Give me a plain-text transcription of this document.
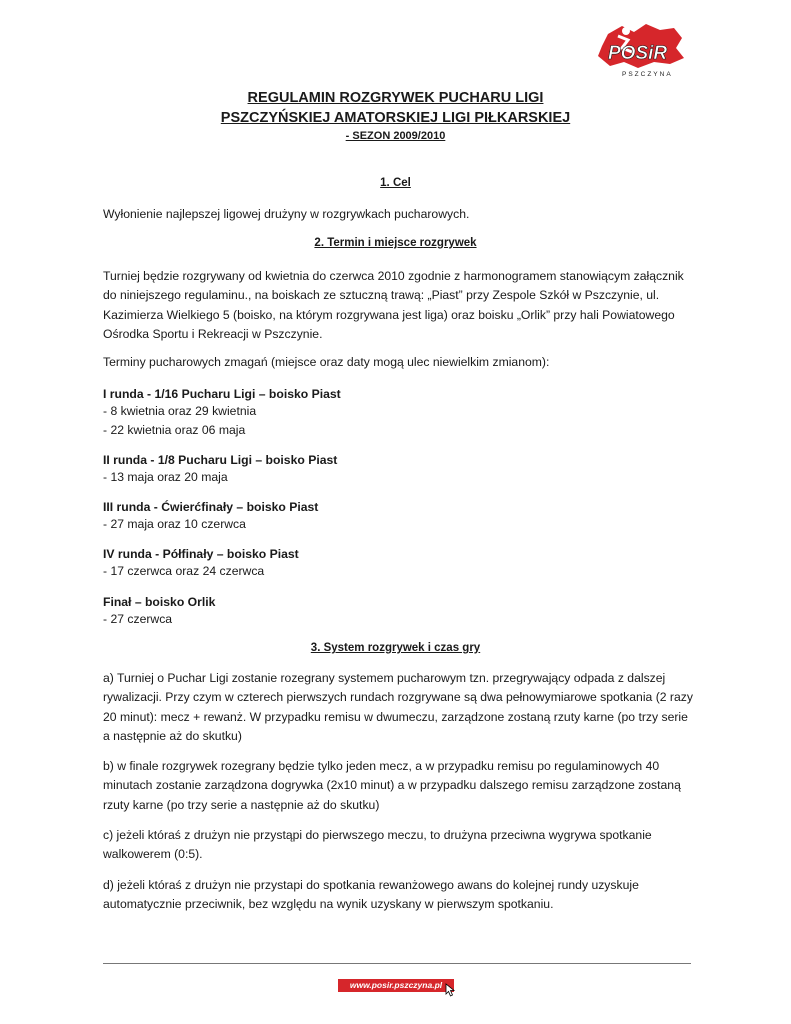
POSiR
PSZCZYNA
REGULAMIN ROZGRYWEK PUCHARU LIGI
PSZCZYŃSKIEJ AMATORSKIEJ LIGI PIŁKARSKIEJ
- SEZON 2009/2010
1. Cel
Wyłonienie najlepszej ligowej drużyny w rozgrywkach pucharowych.
2. Termin i miejsce rozgrywek
Turniej będzie rozgrywany od kwietnia do czerwca 2010 zgodnie z harmonogramem stanowiącym załącznik do niniejszego regulaminu., na boiskach ze sztuczną trawą: „Piast” przy Zespole Szkół w Pszczynie, ul. Kazimierza Wielkiego 5 (boisko, na którym rozgrywana jest liga) oraz boisku „Orlik” przy hali Powiatowego Ośrodka Sportu i Rekreacji w Pszczynie.
Terminy pucharowych zmagań (miejsce oraz daty mogą ulec niewielkim zmianom):
I runda - 1/16 Pucharu Ligi – boisko Piast
- 8 kwietnia oraz 29 kwietnia
- 22 kwietnia oraz 06 maja
II runda - 1/8 Pucharu Ligi – boisko Piast
- 13 maja oraz 20 maja
III runda - Ćwierćfinały – boisko Piast
- 27 maja oraz 10 czerwca
IV runda - Półfinały – boisko Piast
- 17 czerwca oraz 24 czerwca
Finał – boisko Orlik
- 27 czerwca
3. System rozgrywek i czas gry
a) Turniej o Puchar Ligi zostanie rozegrany systemem pucharowym tzn. przegrywający odpada z dalszej rywalizacji. Przy czym w czterech pierwszych rundach rozgrywane są dwa pełnowymiarowe spotkania (2 razy 20 minut): mecz + rewanż. W przypadku remisu w dwumeczu, zarządzone zostaną rzuty karne (po trzy serie a następnie aż do skutku)
b) w finale rozgrywek rozegrany będzie tylko jeden mecz, a w przypadku remisu po regulaminowych 40 minutach zostanie zarządzona dogrywka (2x10 minut) a w przypadku dalszego remisu zarządzone zostaną rzuty karne (po trzy serie a następnie aż do skutku)
c) jeżeli któraś z drużyn nie przystąpi do pierwszego meczu, to drużyna przeciwna wygrywa spotkanie walkowerem (0:5).
d) jeżeli któraś z drużyn nie przystapi do spotkania rewanżowego awans do kolejnej rundy uzyskuje automatycznie przeciwnik, bez względu na wynik uzyskany w pierwszym spotkaniu.
www.posir.pszczyna.pl
